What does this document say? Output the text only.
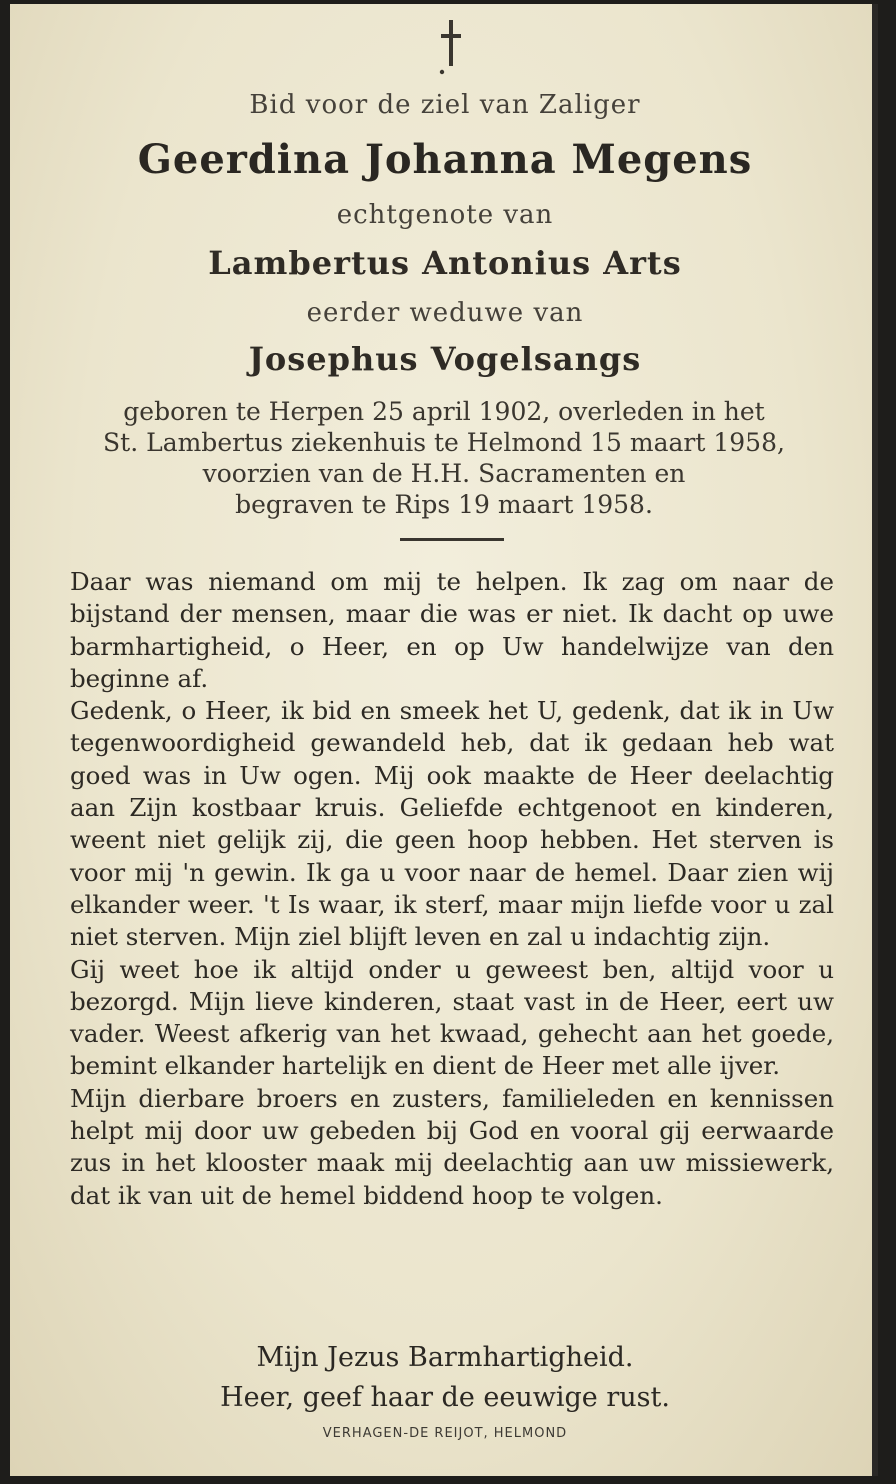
Bid voor de ziel van Zaliger
Geerdina Johanna Megens
echtgenote van
Lambertus Antonius Arts
eerder weduwe van
Josephus Vogelsangs
geboren te Herpen 25 april 1902, overleden in het
St. Lambertus ziekenhuis te Helmond 15 maart 1958,
voorzien van de H.H. Sacramenten en
begraven te Rips 19 maart 1958.

Daar was niemand om mij te helpen. Ik zag om naar de bijstand der mensen, maar die was er niet. Ik dacht op uwe barmhartigheid, o Heer, en op Uw handelwijze van den beginne af.

Gedenk, o Heer, ik bid en smeek het U, gedenk, dat ik in Uw tegenwoordigheid gewandeld heb, dat ik gedaan heb wat goed was in Uw ogen. Mij ook maakte de Heer deelachtig aan Zijn kostbaar kruis. Geliefde echtgenoot en kinderen, weent niet gelijk zij, die geen hoop hebben. Het sterven is voor mij 'n gewin. Ik ga u voor naar de hemel. Daar zien wij elkander weer. 't Is waar, ik sterf, maar mijn liefde voor u zal niet sterven. Mijn ziel blijft leven en zal u indachtig zijn.

Gij weet hoe ik altijd onder u geweest ben, altijd voor u bezorgd. Mijn lieve kinderen, staat vast in de Heer, eert uw vader. Weest afkerig van het kwaad, gehecht aan het goede, bemint elkander hartelijk en dient de Heer met alle ijver.

Mijn dierbare broers en zusters, familieleden en kennissen helpt mij door uw gebeden bij God en vooral gij eerwaarde zus in het klooster maak mij deelachtig aan uw missiewerk, dat ik van uit de hemel biddend hoop te volgen.

Mijn Jezus Barmhartigheid.
Heer, geef haar de eeuwige rust.
VERHAGEN-DE REIJOT, HELMOND
